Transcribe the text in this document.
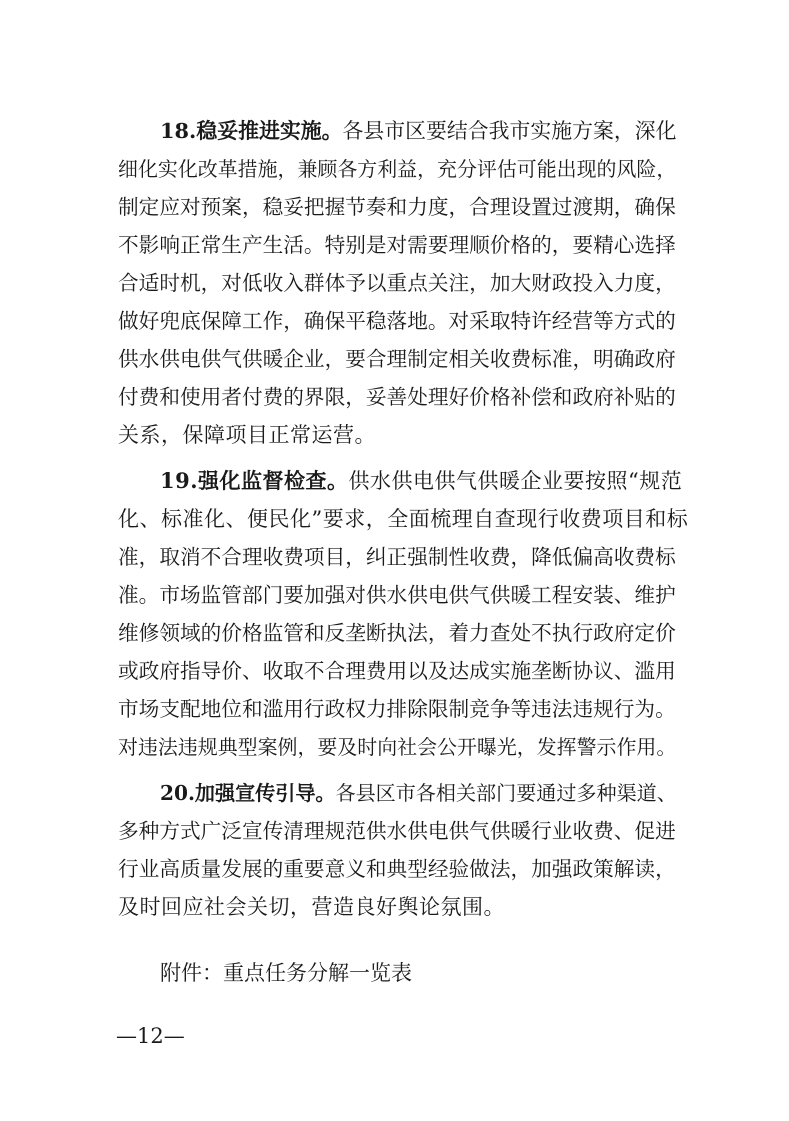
18.稳妥推进实施。各县市区要结合我市实施方案，深化
细化实化改革措施，兼顾各方利益，充分评估可能出现的风险，
制定应对预案，稳妥把握节奏和力度，合理设置过渡期，确保
不影响正常生产生活。特别是对需要理顺价格的，要精心选择
合适时机，对低收入群体予以重点关注，加大财政投入力度，
做好兜底保障工作，确保平稳落地。对采取特许经营等方式的
供水供电供气供暖企业，要合理制定相关收费标准，明确政府
付费和使用者付费的界限，妥善处理好价格补偿和政府补贴的
关系，保障项目正常运营。
19.强化监督检查。供水供电供气供暖企业要按照“规范
化、标准化、便民化”要求，全面梳理自查现行收费项目和标
准，取消不合理收费项目，纠正强制性收费，降低偏高收费标
准。市场监管部门要加强对供水供电供气供暖工程安装、维护
维修领域的价格监管和反垄断执法，着力查处不执行政府定价
或政府指导价、收取不合理费用以及达成实施垄断协议、滥用
市场支配地位和滥用行政权力排除限制竞争等违法违规行为。
对违法违规典型案例，要及时向社会公开曝光，发挥警示作用。
20.加强宣传引导。各县区市各相关部门要通过多种渠道、
多种方式广泛宣传清理规范供水供电供气供暖行业收费、促进
行业高质量发展的重要意义和典型经验做法，加强政策解读，
及时回应社会关切，营造良好舆论氛围。
附件：重点任务分解一览表
—12—
